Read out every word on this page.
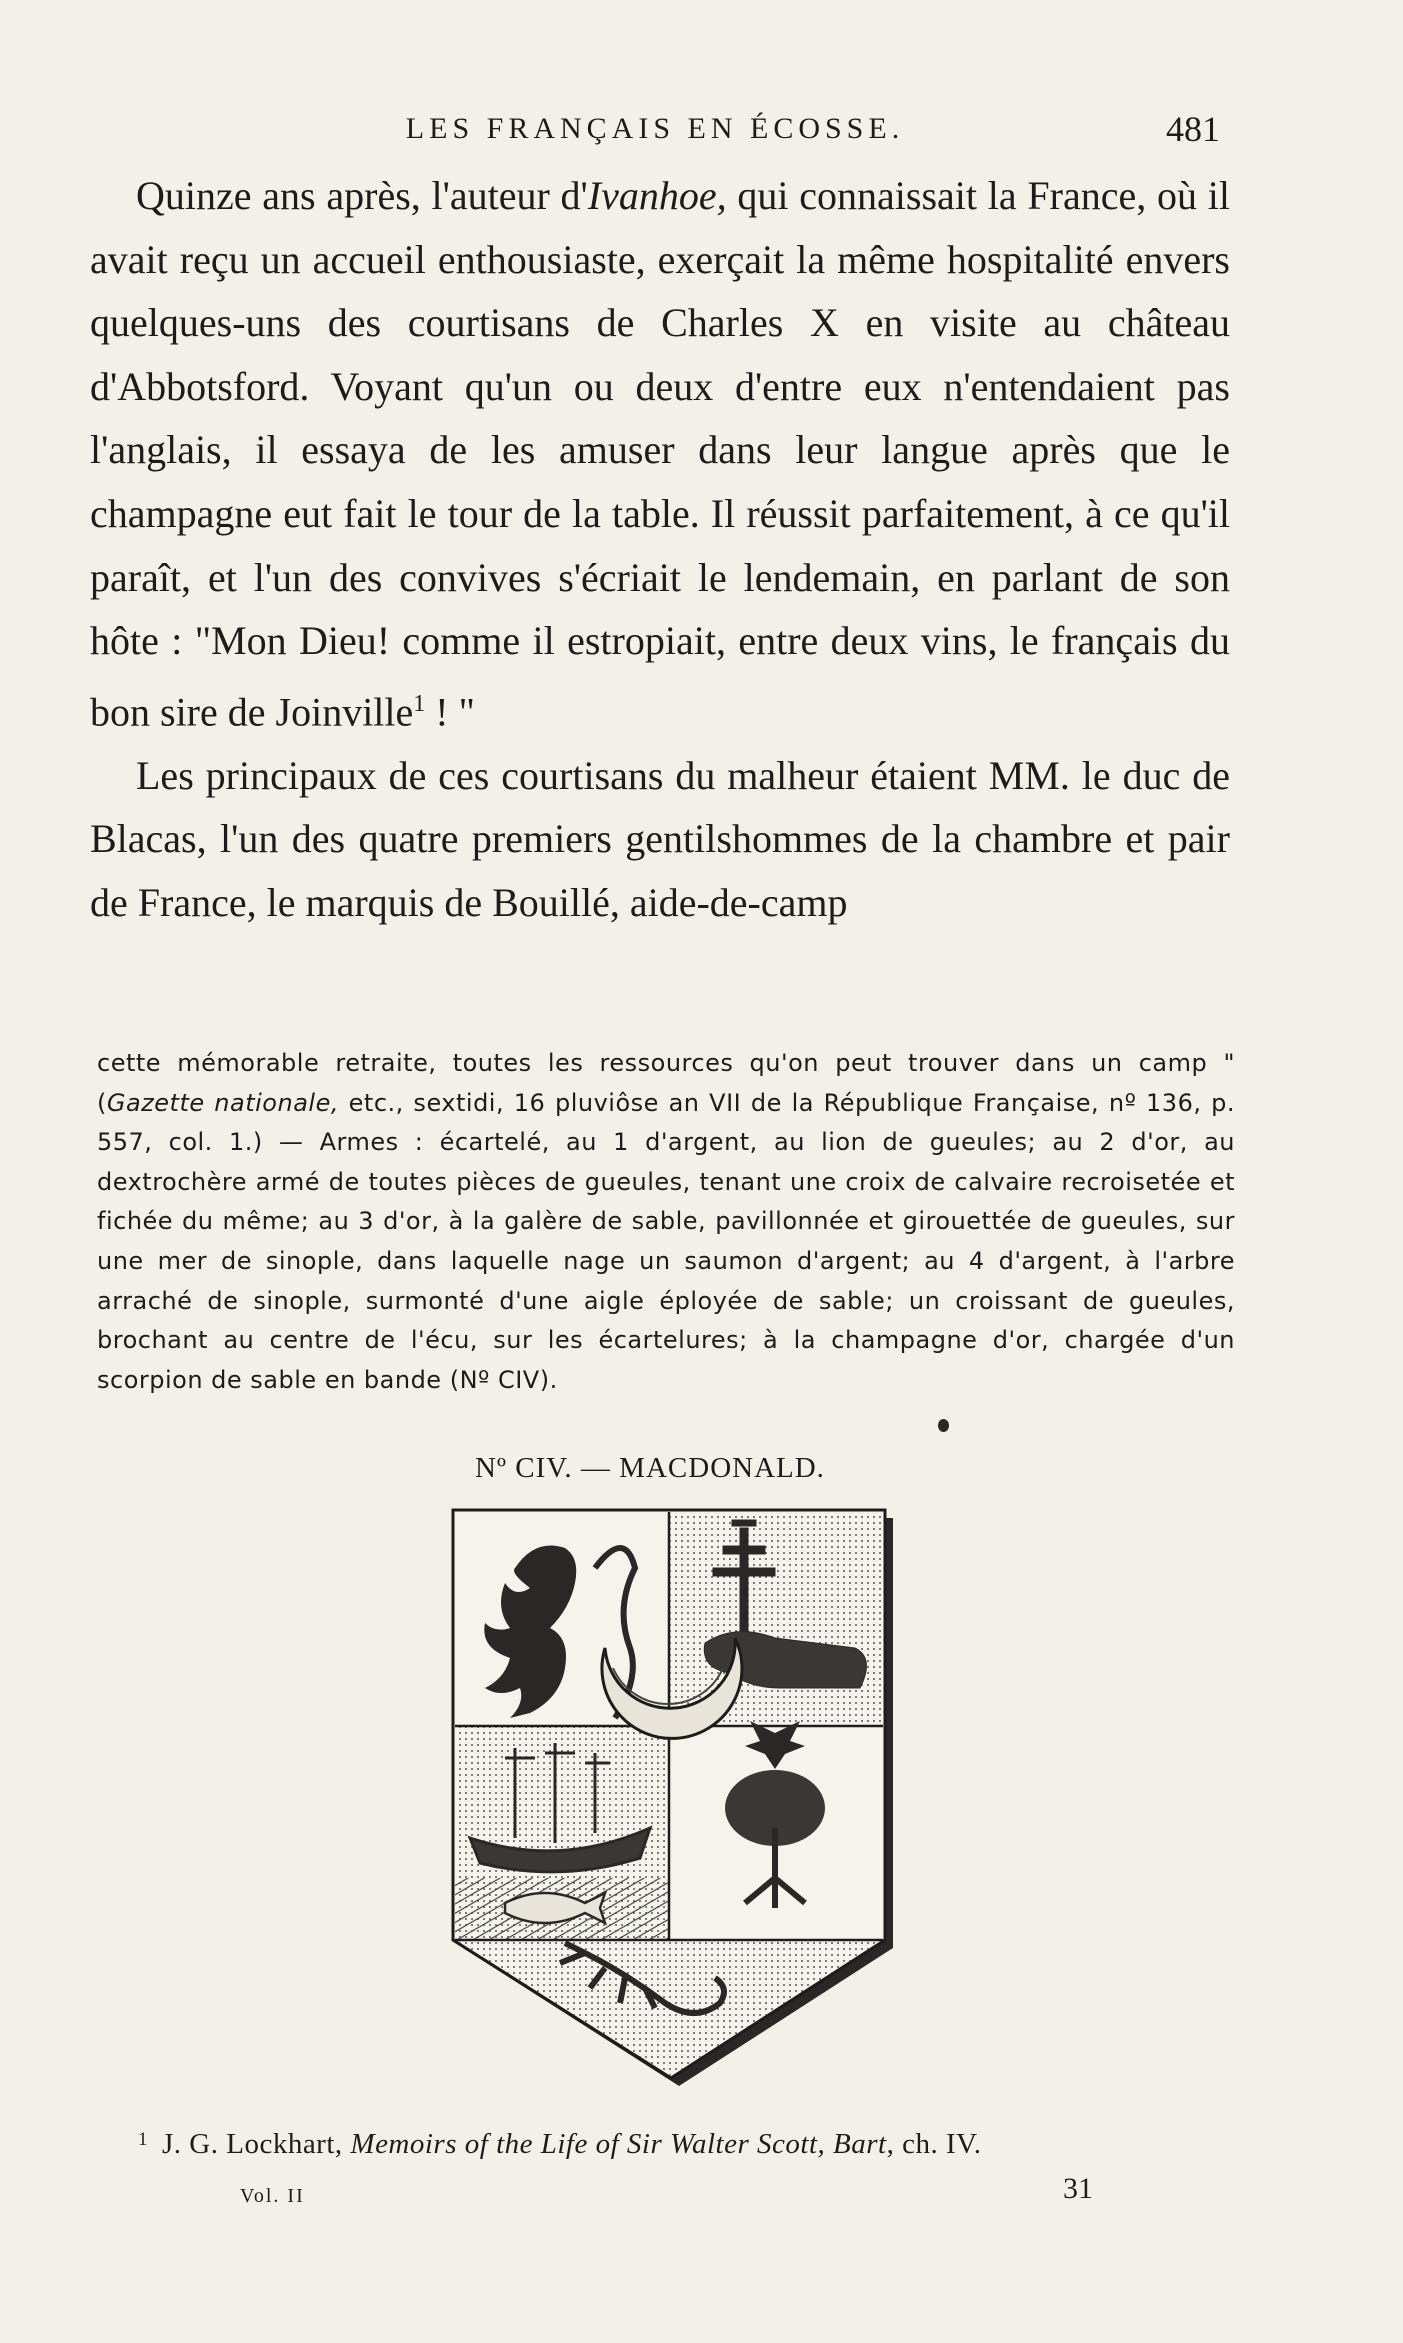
LES FRANÇAIS EN ÉCOSSE.	481

Quinze ans après, l'auteur d'Ivanhoe, qui connaissait la France, où il avait reçu un accueil enthousiaste, exerçait la même hospitalité envers quelques-uns des courtisans de Charles X en visite au château d'Abbotsford. Voyant qu'un ou deux d'entre eux n'entendaient pas l'anglais, il essaya de les amuser dans leur langue après que le champagne eut fait le tour de la table. Il réussit parfaitement, à ce qu'il paraît, et l'un des convives s'écriait le lendemain, en parlant de son hôte : "Mon Dieu! comme il estropiait, entre deux vins, le français du bon sire de Joinville$^1$ ! "

Les principaux de ces courtisans du malheur étaient MM. le duc de Blacas, l'un des quatre premiers gentilshommes de la chambre et pair de France, le marquis de Bouillé, aide-de-camp

cette mémorable retraite, toutes les ressources qu'on peut trouver dans un camp " (Gazette nationale, etc., sextidi, 16 pluviôse an VII de la République Française, nº 136, p. 557, col. 1.) — Armes : écartelé, au 1 d'argent, au lion de gueules; au 2 d'or, au dextrochère armé de toutes pièces de gueules, tenant une croix de calvaire recroisetée et fichée du même; au 3 d'or, à la galère de sable, pavillonnée et girouettée de gueules, sur une mer de sinople, dans laquelle nage un saumon d'argent; au 4 d'argent, à l'arbre arraché de sinople, surmonté d'une aigle éployée de sable; un croissant de gueules, brochant au centre de l'écu, sur les écartelures; à la champagne d'or, chargée d'un scorpion de sable en bande (Nº CIV).

Nº CIV. — MACDONALD.
$^1$ J. G. Lockhart, Memoirs of the Life of Sir Walter Scott, Bart, ch. IV.
Vol. II	31
